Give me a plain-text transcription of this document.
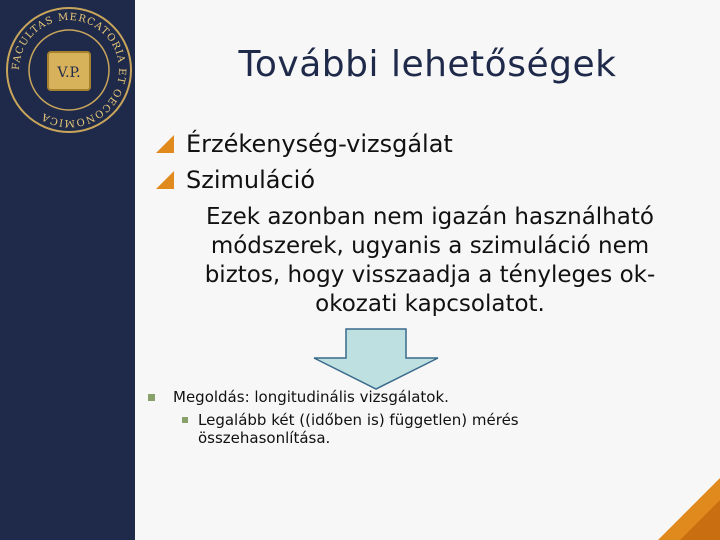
FACULTAS MERCATORIA ET OECONOMICA
V.P.	További lehetőségek
Érzékenység-vizsgálat
Szimuláció
Ezek azonban nem igazán használható módszerek, ugyanis a szimuláció nem biztos, hogy visszaadja a tényleges ok-okozati kapcsolatot.
Megoldás: longitudinális vizsgálatok.
Legalább két ((időben is) független) mérés összehasonlítása.
